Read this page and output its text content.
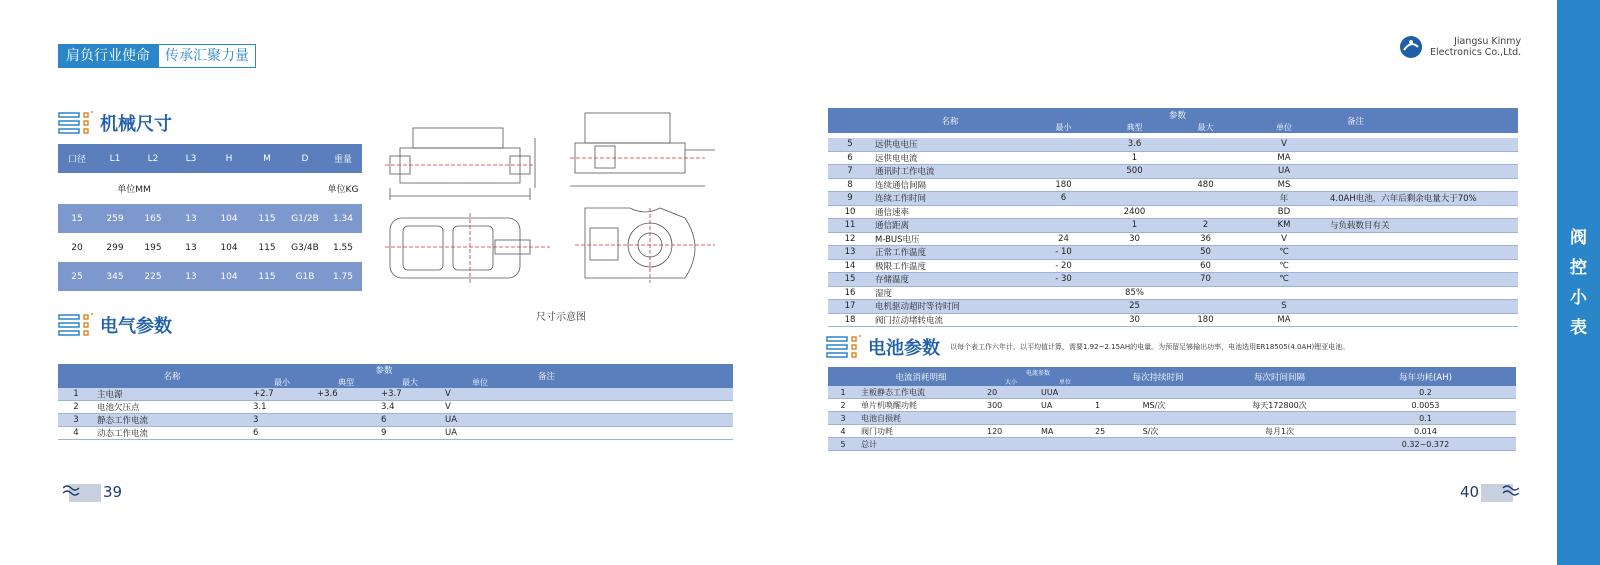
肩负行业使命	传承汇聚力量
机械尺寸
口径	L1	L2	L3	H	M	D	重量
	单位MM						单位KG
15	259	165	13	104	115	G1/2B	1.34
20	299	195	13	104	115	G3/4B	1.55
25	345	225	13	104	115	G1B	1.75
尺寸示意图
电气参数
	名称	参数				备注
		最小	典型	最大	单位	
1	主电源	+2.7	+3.6	+3.7	V	
2	电池欠压点	3.1		3.4	V	
3	静态工作电流	3		6	UA	
4	动态工作电流	6		9	UA	
39
Jiangsu Kinmy
Electronics Co.,Ltd.
阀
控
小
表
	名称	参数				备注
		最小	典型	最大	单位	
5	远供电电压		3.6		V	
6	远供电电流		1		MA	
7	通讯时工作电流		500		UA	
8	连续通信间隔	180		480	MS	
9	连续工作时间	6			年	4.0AH电池，六年后剩余电量大于70%
10	通信速率		2400		BD	
11	通信距离		1	2	KM	与负载数目有关
12	M-BUS电压	24	30	36	V	
13	正常工作温度	- 10		50	℃	
14	极限工作温度	- 20		60	℃	
15	存储温度	- 30		70	℃	
16	湿度		85%			
17	电机驱动超时等待时间		25		S	
18	阀门拉动堵转电流		30	180	MA	
电池参数 以每个表工作六年计，以平均值计算，需要1.92~2.15AH的电量。为预留足够输出功率，电池选用ER18505(4.0AH)锂亚电池。
	电流消耗明细	电流参数		每次持续时间		每次时间间隔	每年功耗(AH)
		大小	单位				
1	主板静态工作电流	20	UUA				0.2
2	单片机唤醒功耗	300	UA	1	MS/次	每天172800次	0.0053
3	电池自损耗						0.1
4	阀门功耗	120	MA	25	S/次	每月1次	0.014
5	总计						0.32~0.372
40
